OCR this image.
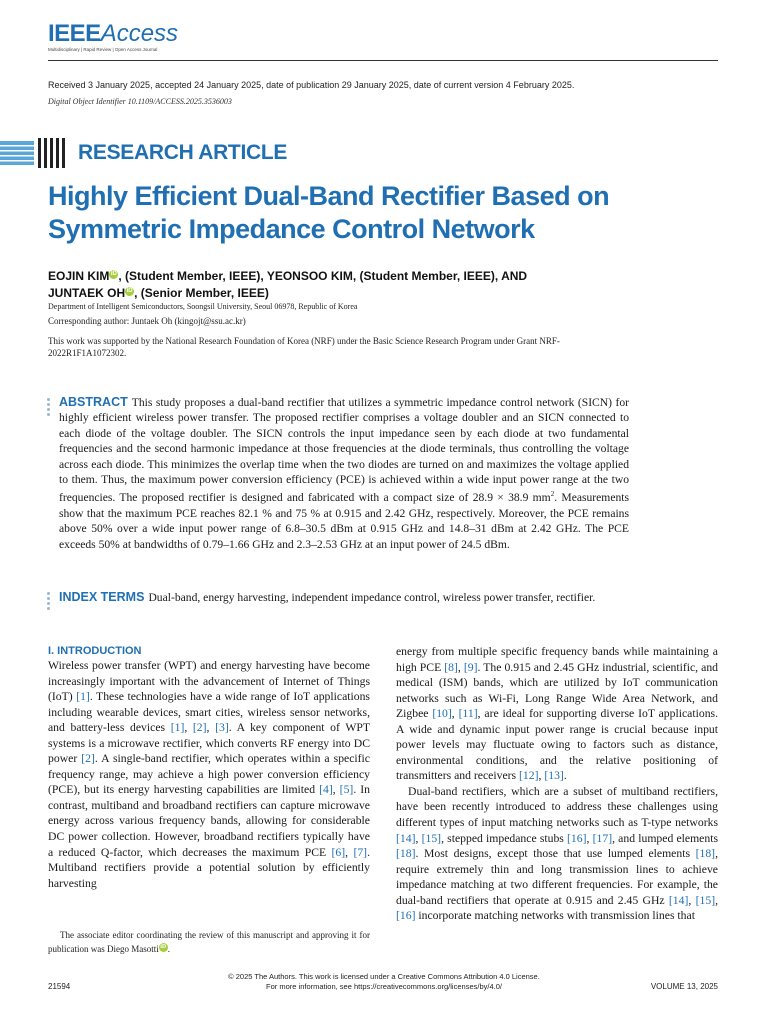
IEEEAccess
Multidisciplinary | Rapid Review | Open Access Journal
Received 3 January 2025, accepted 24 January 2025, date of publication 29 January 2025, date of current version 4 February 2025.
Digital Object Identifier 10.1109/ACCESS.2025.3536003
RESEARCH ARTICLE
Highly Efficient Dual-Band Rectifier Based on Symmetric Impedance Control Network
EOJIN KIM iD , (Student Member, IEEE), YEONSOO KIM, (Student Member, IEEE), AND
JUNTAEK OH iD , (Senior Member, IEEE)
Department of Intelligent Semiconductors, Soongsil University, Seoul 06978, Republic of Korea
Corresponding author: Juntaek Oh (kingojt@ssu.ac.kr)
This work was supported by the National Research Foundation of Korea (NRF) under the Basic Science Research Program under Grant NRF-2022R1F1A1072302.
ABSTRACT This study proposes a dual-band rectifier that utilizes a symmetric impedance control network (SICN) for highly efficient wireless power transfer. The proposed rectifier comprises a voltage doubler and an SICN connected to each diode of the voltage doubler. The SICN controls the input impedance seen by each diode at two fundamental frequencies and the second harmonic impedance at those frequencies at the diode terminals, thus controlling the voltage across each diode. This minimizes the overlap time when the two diodes are turned on and maximizes the voltage applied to them. Thus, the maximum power conversion efficiency (PCE) is achieved within a wide input power range at the two frequencies. The proposed rectifier is designed and fabricated with a compact size of 28.9 × 38.9 $mm^2$. Measurements show that the maximum PCE reaches 82.1 % and 75 % at 0.915 and 2.42 GHz, respectively. Moreover, the PCE remains above 50% over a wide input power range of 6.8–30.5 dBm at 0.915 GHz and 14.8–31 dBm at 2.42 GHz. The PCE exceeds 50% at bandwidths of 0.79–1.66 GHz and 2.3–2.53 GHz at an input power of 24.5 dBm.
INDEX TERMS Dual-band, energy harvesting, independent impedance control, wireless power transfer, rectifier.
I. INTRODUCTION
Wireless power transfer (WPT) and energy harvesting have become increasingly important with the advancement of Internet of Things (IoT) [1]. These technologies have a wide range of IoT applications including wearable devices, smart cities, wireless sensor networks, and battery-less devices [1], [2], [3]. A key component of WPT systems is a microwave rectifier, which converts RF energy into DC power [2]. A single-band rectifier, which operates within a specific frequency range, may achieve a high power conversion efficiency (PCE), but its energy harvesting capabilities are limited [4], [5]. In contrast, multiband and broadband rectifiers can capture microwave energy across various frequency bands, allowing for considerable DC power collection. However, broadband rectifiers typically have a reduced Q-factor, which decreases the maximum PCE [6], [7]. Multiband rectifiers provide a potential solution by efficiently harvesting
The associate editor coordinating the review of this manuscript and approving it for publication was Diego Masotti iD .
energy from multiple specific frequency bands while maintaining a high PCE [8], [9]. The 0.915 and 2.45 GHz industrial, scientific, and medical (ISM) bands, which are utilized by IoT communication networks such as Wi-Fi, Long Range Wide Area Network, and Zigbee [10], [11], are ideal for supporting diverse IoT applications. A wide and dynamic input power range is crucial because input power levels may fluctuate owing to factors such as distance, environmental conditions, and the relative positioning of transmitters and receivers [12], [13].
Dual-band rectifiers, which are a subset of multiband rectifiers, have been recently introduced to address these challenges using different types of input matching networks such as T-type networks [14], [15], stepped impedance stubs [16], [17], and lumped elements [18]. Most designs, except those that use lumped elements [18], require extremely thin and long transmission lines to achieve impedance matching at two different frequencies. For example, the dual-band rectifiers that operate at 0.915 and 2.45 GHz [14], [15], [16] incorporate matching networks with transmission lines that
21594
© 2025 The Authors. This work is licensed under a Creative Commons Attribution 4.0 License.
For more information, see https://creativecommons.org/licenses/by/4.0/	VOLUME 13, 2025
